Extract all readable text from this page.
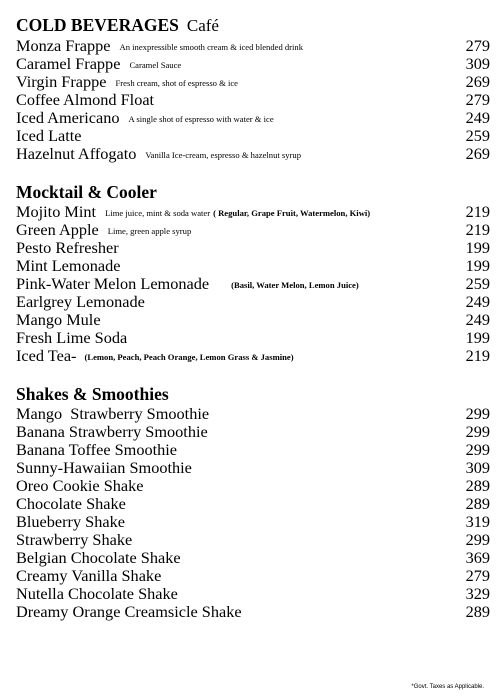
COLD BEVERAGES Café
Monza Frappe An inexpressible smooth cream & iced blended drink	279
Caramel Frappe Caramel Sauce	309
Virgin Frappe Fresh cream, shot of espresso & ice	269
Coffee Almond Float	279
Iced Americano A single shot of espresso with water & ice	249
Iced Latte	259
Hazelnut Affogato Vanilla Ice-cream, espresso & hazelnut syrup	269
Mocktail & Cooler
Mojito Mint Lime juice, mint & soda water ( Regular, Grape Fruit, Watermelon, Kiwi)	219
Green Apple Lime, green apple syrup	219
Pesto Refresher	199
Mint Lemonade	199
Pink-Water Melon Lemonade	(Basil, Water Melon, Lemon Juice)	259
Earlgrey Lemonade	249
Mango Mule	249
Fresh Lime Soda	199
Iced Tea- (Lemon, Peach, Peach Orange, Lemon Grass & Jasmine)	219
Shakes & Smoothies
Mango  Strawberry Smoothie	299
Banana Strawberry Smoothie	299
Banana Toffee Smoothie	299
Sunny-Hawaiian Smoothie	309
Oreo Cookie Shake	289
Chocolate Shake	289
Blueberry Shake	319
Strawberry Shake	299
Belgian Chocolate Shake	369
Creamy Vanilla Shake	279
Nutella Chocolate Shake	329
Dreamy Orange Creamsicle Shake	289
*Govt. Taxes as Applicable.
